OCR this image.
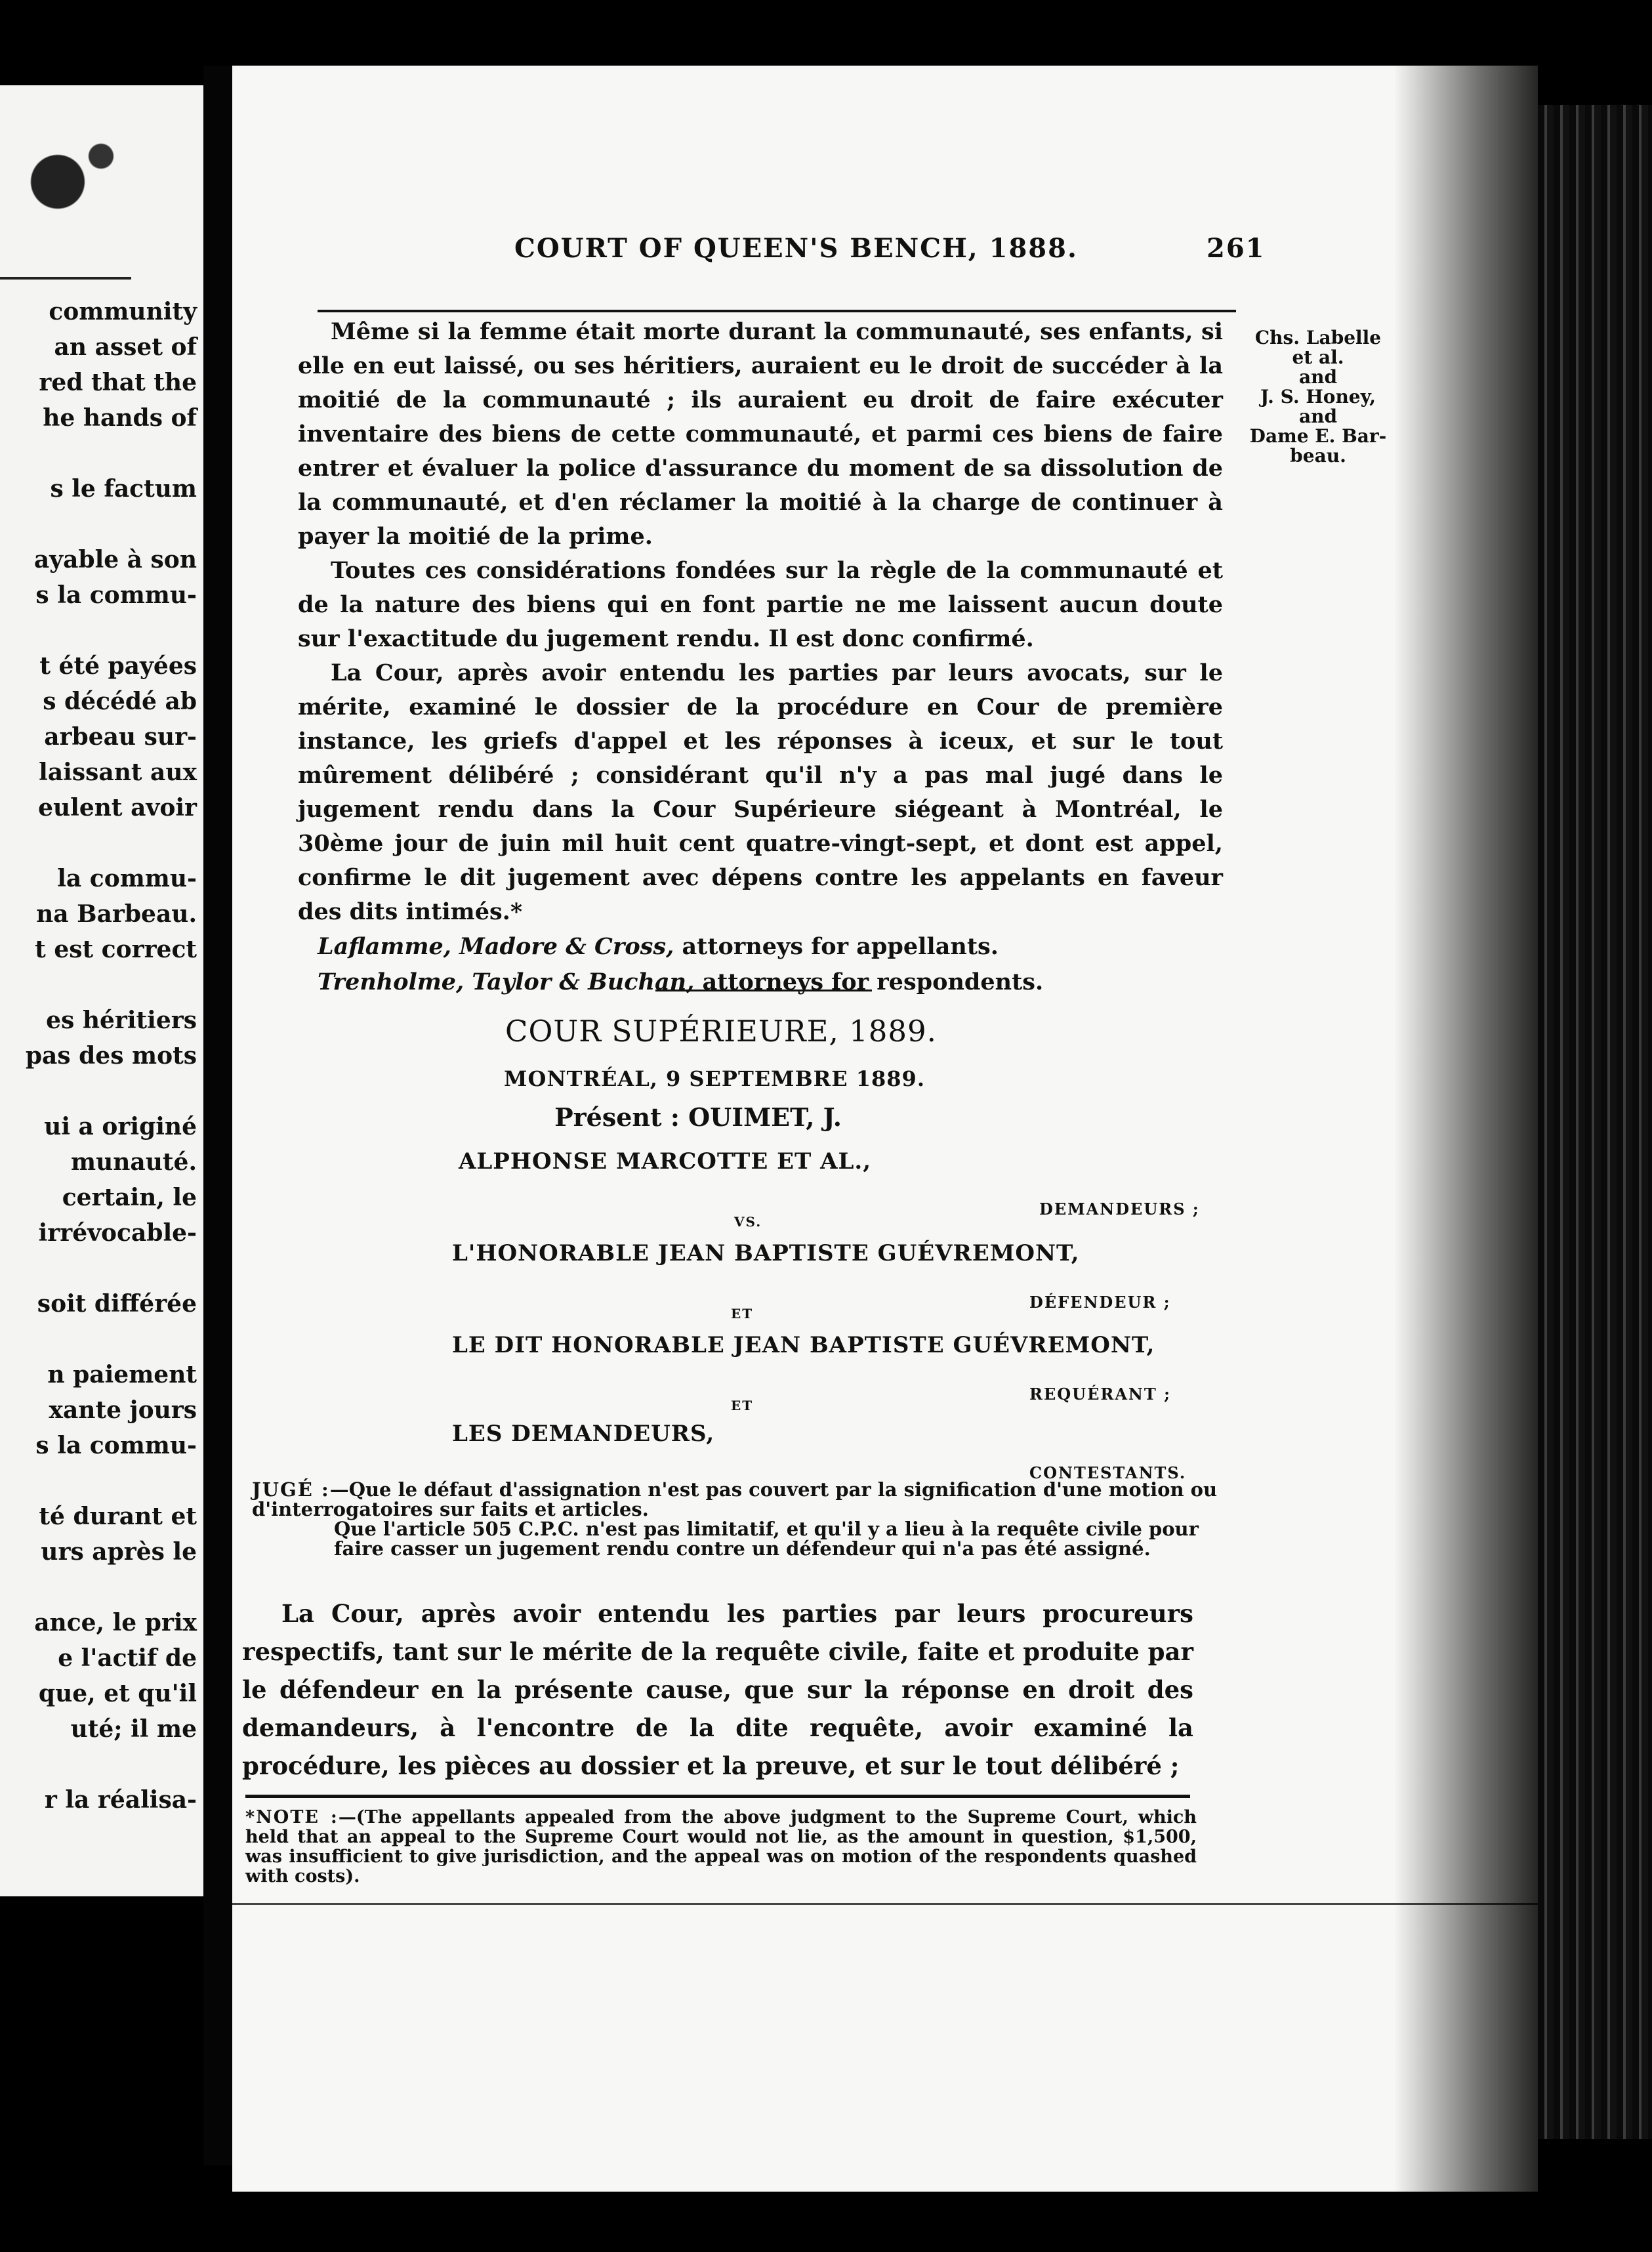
community
an asset of
red that the
he hands of
s le factum
ayable à son
s la commu-
t été payées
s décédé ab
arbeau sur-
laissant aux
eulent avoir
la commu-
na Barbeau.
t est correct
es héritiers
pas des mots
ui a originé
munauté.
certain, le
irrévocable-
soit différée
n paiement
xante jours
s la commu-
té durant et
urs après le
ance, le prix
e l'actif de
que, et qu'il
uté; il me
r la réalisa-
COURT OF QUEEN'S BENCH, 1888.	261

Même si la femme était morte durant la communauté, ses enfants, si elle en eut laissé, ou ses héritiers, auraient eu le droit de succéder à la moitié de la communauté ; ils auraient eu droit de faire exécuter inventaire des biens de cette communauté, et parmi ces biens de faire entrer et évaluer la police d'assurance du moment de sa dissolution de la communauté, et d'en réclamer la moitié à la charge de continuer à payer la moitié de la prime.

Toutes ces considérations fondées sur la règle de la communauté et de la nature des biens qui en font partie ne me laissent aucun doute sur l'exactitude du jugement rendu. Il est donc confirmé.

La Cour, après avoir entendu les parties par leurs avocats, sur le mérite, examiné le dossier de la procédure en Cour de première instance, les griefs d'appel et les réponses à iceux, et sur le tout mûrement délibéré ; considérant qu'il n'y a pas mal jugé dans le jugement rendu dans la Cour Supérieure siégeant à Montréal, le 30ème jour de juin mil huit cent quatre-vingt-sept, et dont est appel, confirme le dit jugement avec dépens contre les appelants en faveur des dits intimés.*

Laflamme, Madore & Cross, attorneys for appellants.
Trenholme, Taylor & Buchan, attorneys for respondents.
Chs. Labelle
et al.
and
J. S. Honey,
and
Dame E. Bar-
beau.
COUR SUPÉRIEURE, 1889.
MONTRÉAL, 9 SEPTEMBRE 1889.
Présent : OUIMET, J.
ALPHONSE MARCOTTE ET AL.,
DEMANDEURS ;
VS.
L'HONORABLE JEAN BAPTISTE GUÉVREMONT,
DÉFENDEUR ;
ET
LE DIT HONORABLE JEAN BAPTISTE GUÉVREMONT,
REQUÉRANT ;
ET
LES DEMANDEURS,
CONTESTANTS.
JUGÉ :—Que le défaut d'assignation n'est pas couvert par la signification d'une motion ou d'interrogatoires sur faits et articles.
Que l'article 505 C.P.C. n'est pas limitatif, et qu'il y a lieu à la requête civile pour faire casser un jugement rendu contre un défendeur qui n'a pas été assigné.

La Cour, après avoir entendu les parties par leurs procureurs respectifs, tant sur le mérite de la requête civile, faite et produite par le défendeur en la présente cause, que sur la réponse en droit des demandeurs, à l'encontre de la dite requête, avoir examiné la procédure, les pièces au dossier et la preuve, et sur le tout délibéré ;

*NOTE :—(The appellants appealed from the above judgment to the Supreme Court, which held that an appeal to the Supreme Court would not lie, as the amount in question, $1,500, was insufficient to give jurisdiction, and the appeal was on motion of the respondents quashed with costs).
